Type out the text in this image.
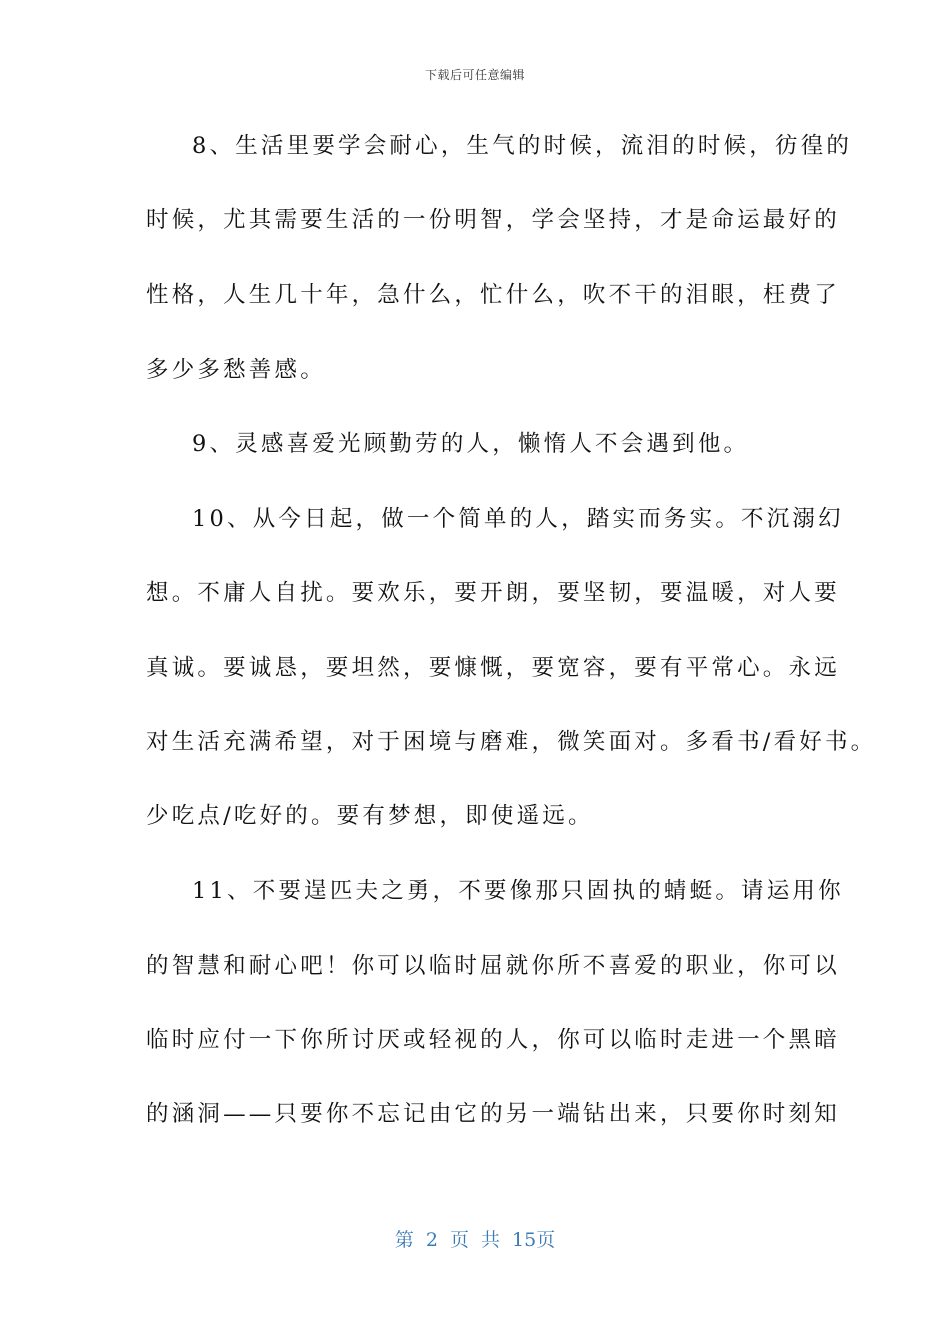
下载后可任意编辑
8、生活里要学会耐心，生气的时候，流泪的时候，彷徨的
时候，尤其需要生活的一份明智，学会坚持，才是命运最好的
性格，人生几十年，急什么，忙什么，吹不干的泪眼，枉费了
多少多愁善感。
9、灵感喜爱光顾勤劳的人，懒惰人不会遇到他。
10、从今日起，做一个简单的人，踏实而务实。不沉溺幻
想。不庸人自扰。要欢乐，要开朗，要坚韧，要温暖，对人要
真诚。要诚恳，要坦然，要慷慨，要宽容，要有平常心。永远
对生活充满希望，对于困境与磨难，微笑面对。多看书/看好书。
少吃点/吃好的。要有梦想，即使遥远。
11、不要逞匹夫之勇，不要像那只固执的蜻蜓。请运用你
的智慧和耐心吧！你可以临时屈就你所不喜爱的职业，你可以
临时应付一下你所讨厌或轻视的人，你可以临时走进一个黑暗
的涵洞——只要你不忘记由它的另一端钻出来，只要你时刻知
第 2 页 共 15页
